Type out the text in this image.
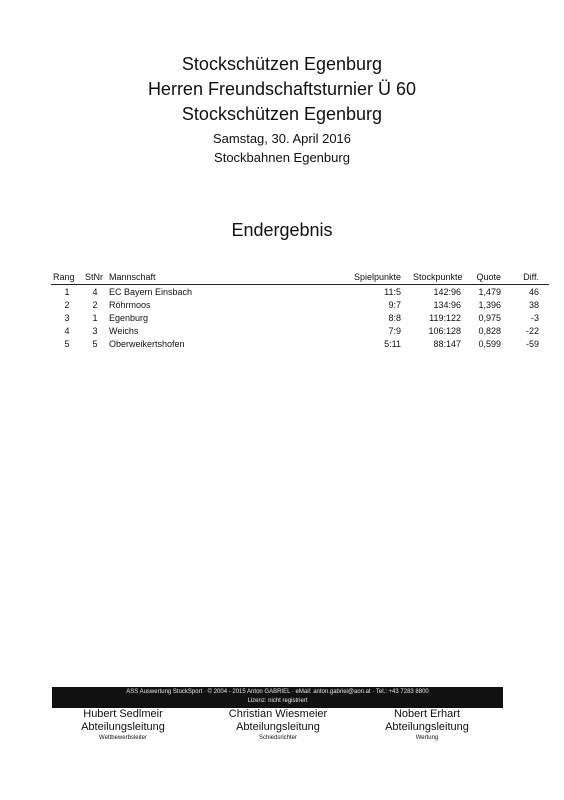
Stockschützen Egenburg
Herren Freundschaftsturnier Ü 60
Stockschützen Egenburg
Samstag, 30. April 2016
Stockbahnen Egenburg
Endergebnis
Rang	StNr	Mannschaft	Spielpunkte	Stockpunkte	Quote	Diff.
1	4	EC Bayern Einsbach	11:5	142:96	1,479	46
2	2	Röhrmoos	9:7	134:96	1,396	38
3	1	Egenburg	8:8	119:122	0,975	-3
4	3	Weichs	7:9	106:128	0,828	-22
5	5	Oberweikertshofen	5:11	88:147	0,599	-59
ASS Auswertung StockSport · © 2004 - 2015 Anton GABRIEL · eMail: anton.gabriel@aon.at · Tel.: +43 7283 8800
Lizenz: nicht registriert
Hubert Sedlmeir
Abteilungsleitung
Wettbewerbsleiter
Christian Wiesmeier
Abteilungsleitung
Schiedsrichter
Nobert Erhart
Abteilungsleitung
Wertung
